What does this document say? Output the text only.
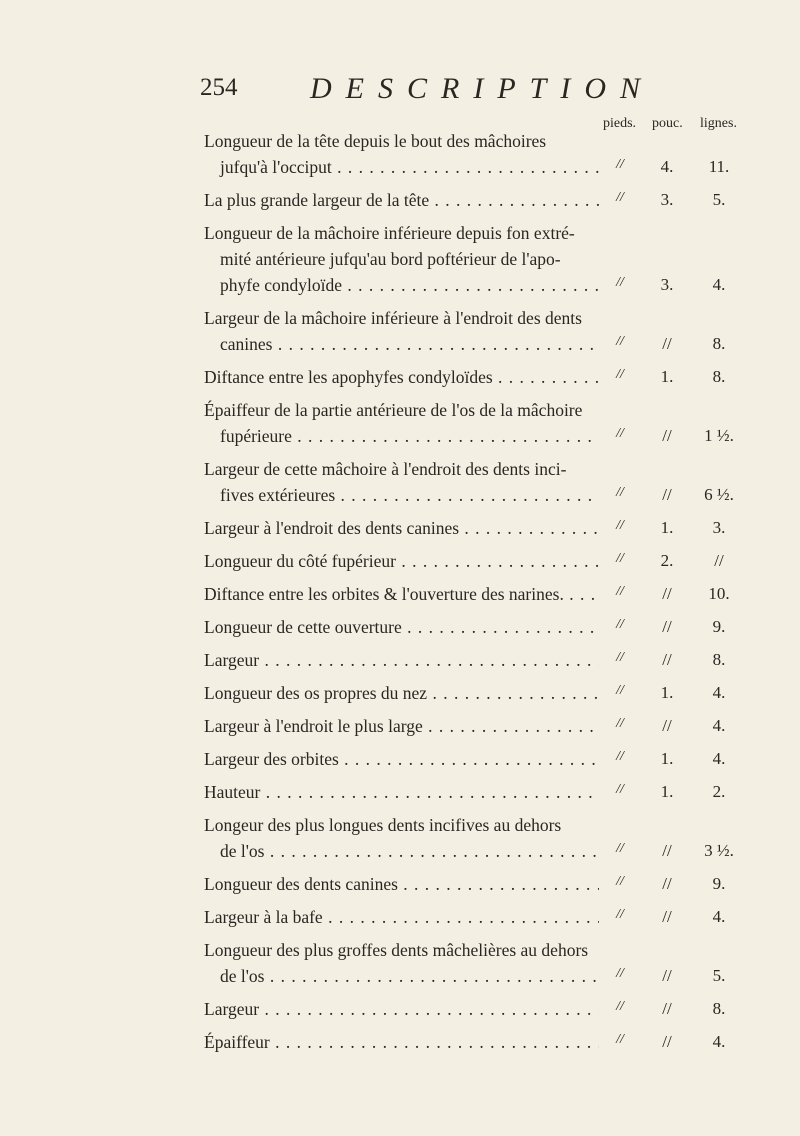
254 DESCRIPTION
pieds. pouc. lignes.
Longueur de la tête depuis le bout des mâchoires
jufqu'à l'occiput . . .	//	4.	11.
La plus grande largeur de la tête . . .	//	3.	5.
Longueur de la mâchoire inférieure depuis fon extré-
mité antérieure jufqu'au bord poftérieur de l'apo-
phyfe condyloïde . . .	//	3.	4.
Largeur de la mâchoire inférieure à l'endroit des dents
canines . . .	//	//	8.
Diftance entre les apophyfes condyloïdes . . .	//	1.	8.
Épaiffeur de la partie antérieure de l'os de la mâchoire
fupérieure . . .	//	//	1 ½.
Largeur de cette mâchoire à l'endroit des dents inci-
fives extérieures . . .	//	//	6 ½.
Largeur à l'endroit des dents canines . . .	//	1.	3.
Longueur du côté fupérieur . . .	//	2.	//
Diftance entre les orbites & l'ouverture des narines. . . .	//	//	10.
Longueur de cette ouverture . . .	//	//	9.
Largeur . . .	//	//	8.
Longueur des os propres du nez . . .	//	1.	4.
Largeur à l'endroit le plus large . . .	//	//	4.
Largeur des orbites . . .	//	1.	4.
Hauteur . . .	//	1.	2.
Longeur des plus longues dents incifives au dehors
de l'os . . .	//	//	3 ½.
Longueur des dents canines . . .	//	//	9.
Largeur à la bafe . . .	//	//	4.
Longueur des plus groffes dents mâchelières au dehors
de l'os . . .	//	//	5.
Largeur . . .	//	//	8.
Épaiffeur . . .	//	//	4.
